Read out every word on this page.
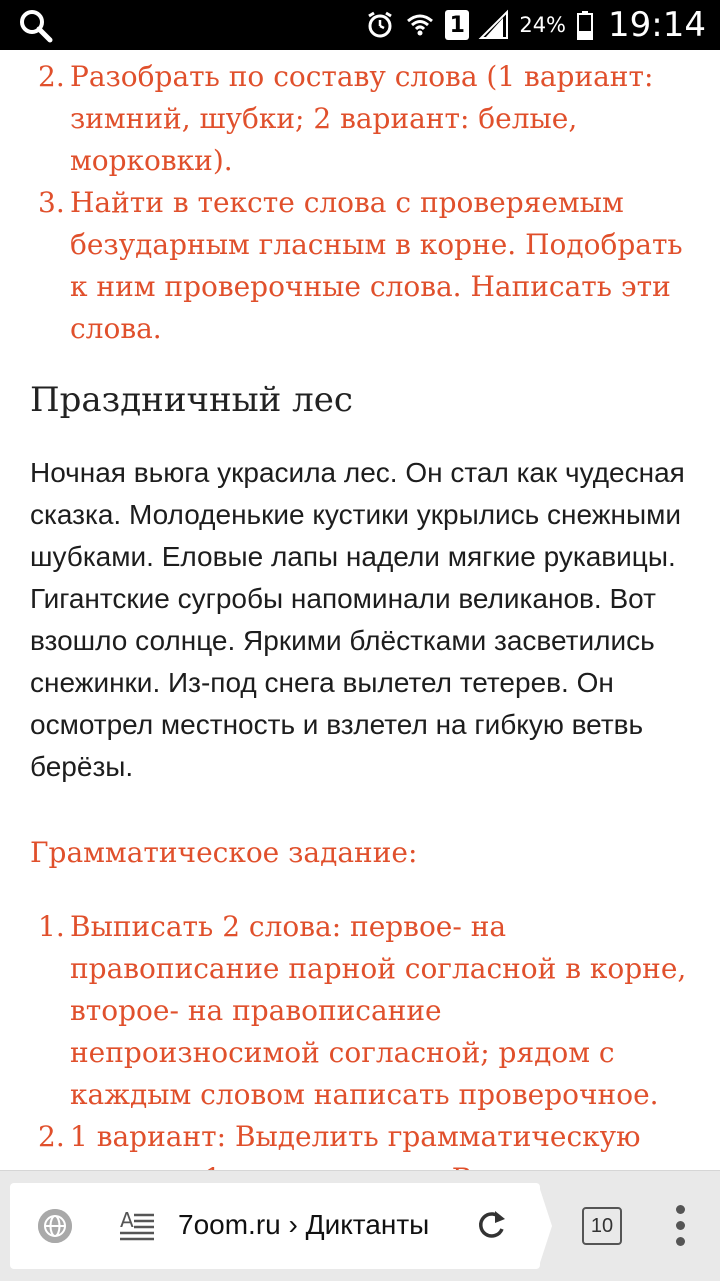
1	24% 19:14
2. Разобрать по составу слова (1 вариант: зимний, шубки; 2 вариант: белые, морковки).
3. Найти в тексте слова с проверяемым безударным гласным в корне. Подобрать к ним проверочные слова. Написать эти слова.
Праздничный лес

Ночная вьюга украсила лес. Он стал как чудесная сказка. Молоденькие кустики укрылись снежными шубками. Еловые лапы надели мягкие рукавицы. Гигантские сугробы напоминали великанов. Вот взошло солнце. Яркими блёстками засветились снежинки. Из-под снега вылетел тетерев. Он осмотрел местность и взлетел на гибкую ветвь берёзы.

Грамматическое задание:

1. Выписать 2 слова: первое- на правописание парной согласной в корне, второе- на правописание непроизносимой согласной; рядом с каждым словом написать проверочное.
2. 1 вариант: Выделить грамматическую
A 7oom.ru › Диктанты	10
